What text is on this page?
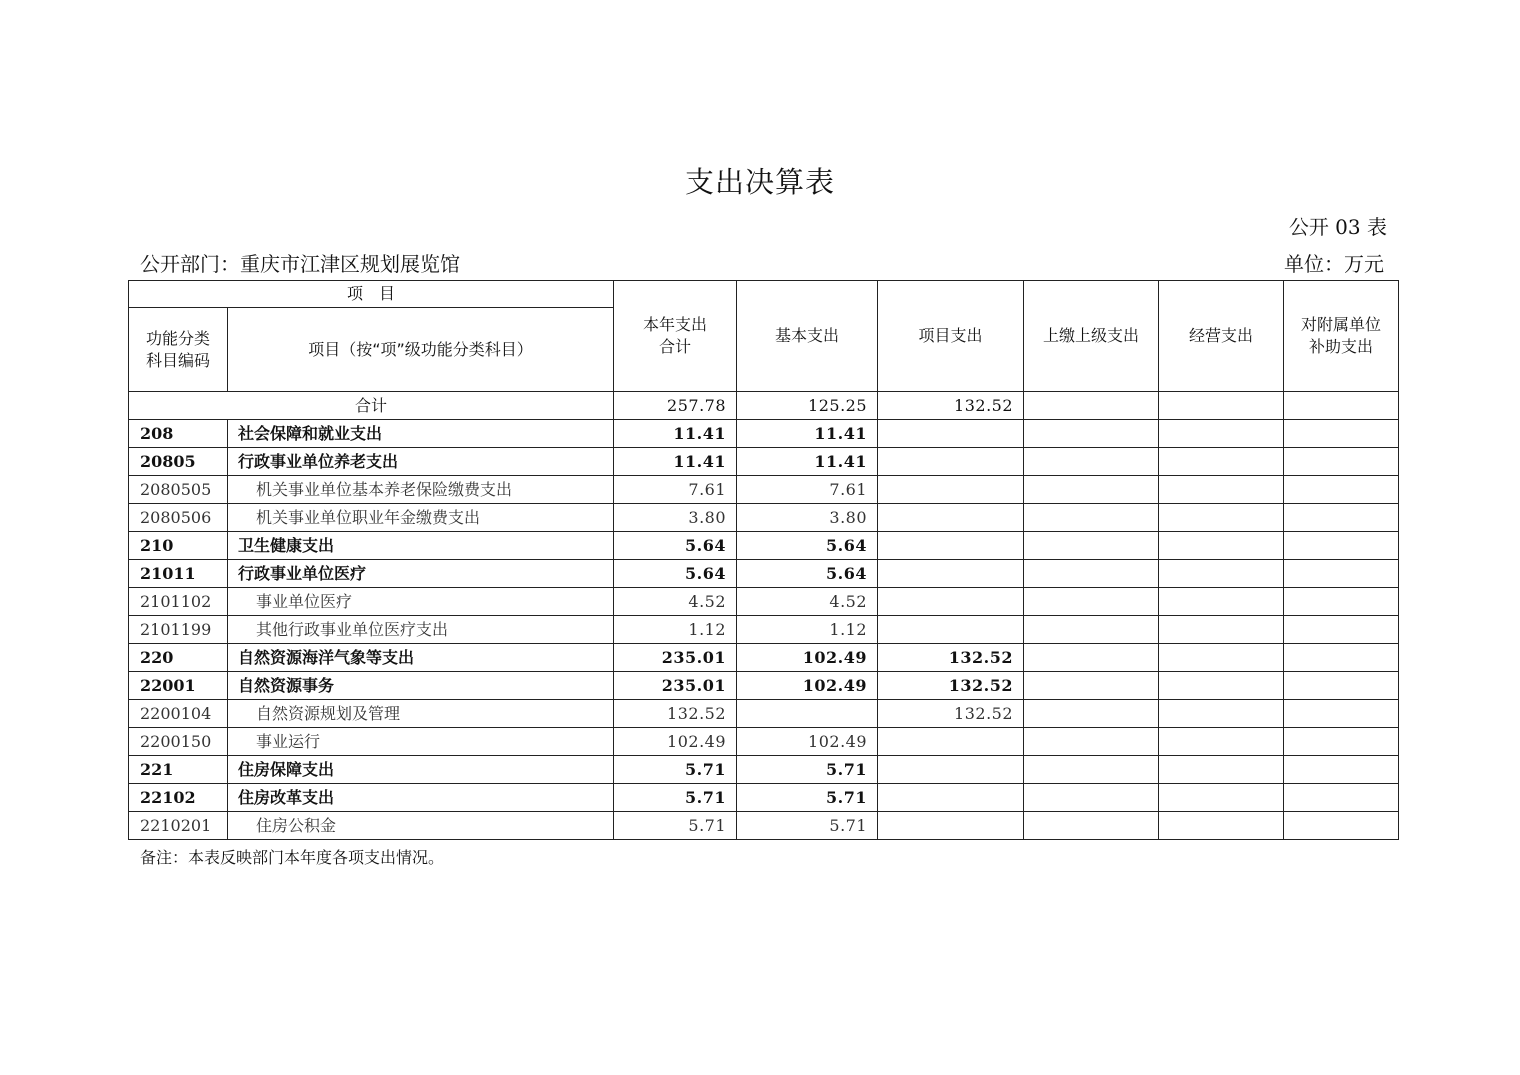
支出决算表
公开 03 表
公开部门：重庆市江津区规划展览馆	单位：万元
项　目		本年支出合计	基本支出	项目支出	上缴上级支出	经营支出	对附属单位补助支出
功能分类科目编码	项目（按“项”级功能分类科目）						
合计		257.78	125.25	132.52			
208	社会保障和就业支出	11.41	11.41				
20805	行政事业单位养老支出	11.41	11.41				
2080505	机关事业单位基本养老保险缴费支出	7.61	7.61				
2080506	机关事业单位职业年金缴费支出	3.80	3.80				
210	卫生健康支出	5.64	5.64				
21011	行政事业单位医疗	5.64	5.64				
2101102	事业单位医疗	4.52	4.52				
2101199	其他行政事业单位医疗支出	1.12	1.12				
220	自然资源海洋气象等支出	235.01	102.49	132.52			
22001	自然资源事务	235.01	102.49	132.52			
2200104	自然资源规划及管理	132.52		132.52			
2200150	事业运行	102.49	102.49				
221	住房保障支出	5.71	5.71				
22102	住房改革支出	5.71	5.71				
2210201	住房公积金	5.71	5.71				
备注：本表反映部门本年度各项支出情况。
